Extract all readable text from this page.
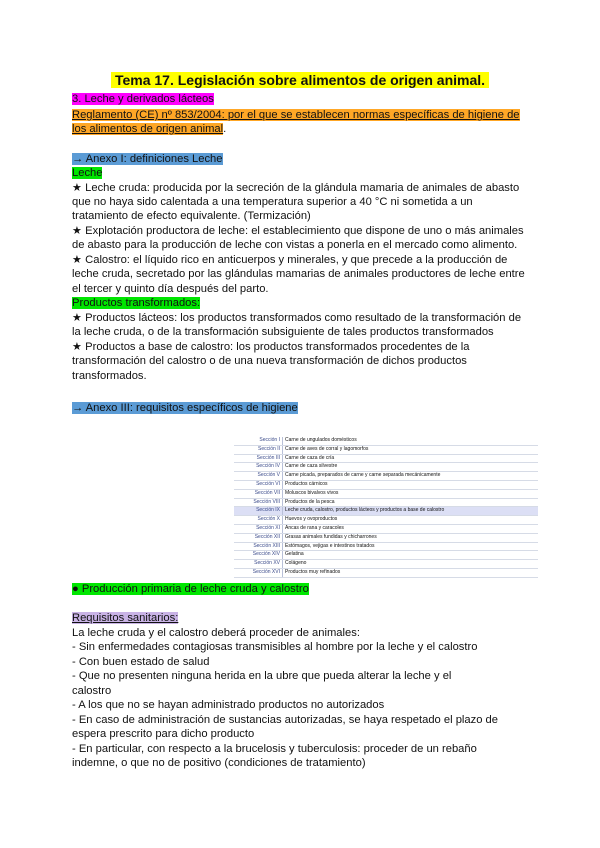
Tema 17. Legislación sobre alimentos de origen animal.
3. Leche y derivados lácteos
Reglamento (CE) nº 853/2004: por el que se establecen normas específicas de higiene de
los alimentos de origen animal.
→ Anexo I: definiciones Leche
Leche
★ Leche cruda: producida por la secreción de la glándula mamaria de animales de abasto
que no haya sido calentada a una temperatura superior a 40 °C ni sometida a un
tratamiento de efecto equivalente. (Termización)
★ Explotación productora de leche: el establecimiento que dispone de uno o más animales
de abasto para la producción de leche con vistas a ponerla en el mercado como alimento.
★ Calostro: el líquido rico en anticuerpos y minerales, y que precede a la producción de
leche cruda, secretado por las glándulas mamarias de animales productores de leche entre
el tercer y quinto día después del parto.
Productos transformados:
★ Productos lácteos: los productos transformados como resultado de la transformación de
la leche cruda, o de la transformación subsiguiente de tales productos transformados
★ Productos a base de calostro: los productos transformados procedentes de la
transformación del calostro o de una nueva transformación de dichos productos
transformados.
→ Anexo III: requisitos específicos de higiene
Sección I	Carne de ungulados domésticos
Sección II	Carne de aves de corral y lagomorfos
Sección III	Carne de caza de cría
Sección IV	Carne de caza silvestre
Sección V	Carne picada, preparados de carne y carne separada mecánicamente
Sección VI	Productos cárnicos
Sección VII	Moluscos bivalvos vivos
Sección VIII	Productos de la pesca
Sección IX	Leche cruda, calostro, productos lácteos y productos a base de calostro
Sección X	Huevos y ovoproductos
Sección XI	Ancas de rana y caracoles
Sección XII	Grasas animales fundidas y chicharrones
Sección XIII	Estómagos, vejigas e intestinos tratados
Sección XIV	Gelatina
Sección XV	Colágeno
Sección XVI	Productos muy refinados
● Producción primaria de leche cruda y calostro
Requisitos sanitarios:
La leche cruda y el calostro deberá proceder de animales:
- Sin enfermedades contagiosas transmisibles al hombre por la leche y el calostro
- Con buen estado de salud
- Que no presenten ninguna herida en la ubre que pueda alterar la leche y el
calostro
- A los que no se hayan administrado productos no autorizados
- En caso de administración de sustancias autorizadas, se haya respetado el plazo de
espera prescrito para dicho producto
- En particular, con respecto a la brucelosis y tuberculosis: proceder de un rebaño
indemne, o que no de positivo (condiciones de tratamiento)
